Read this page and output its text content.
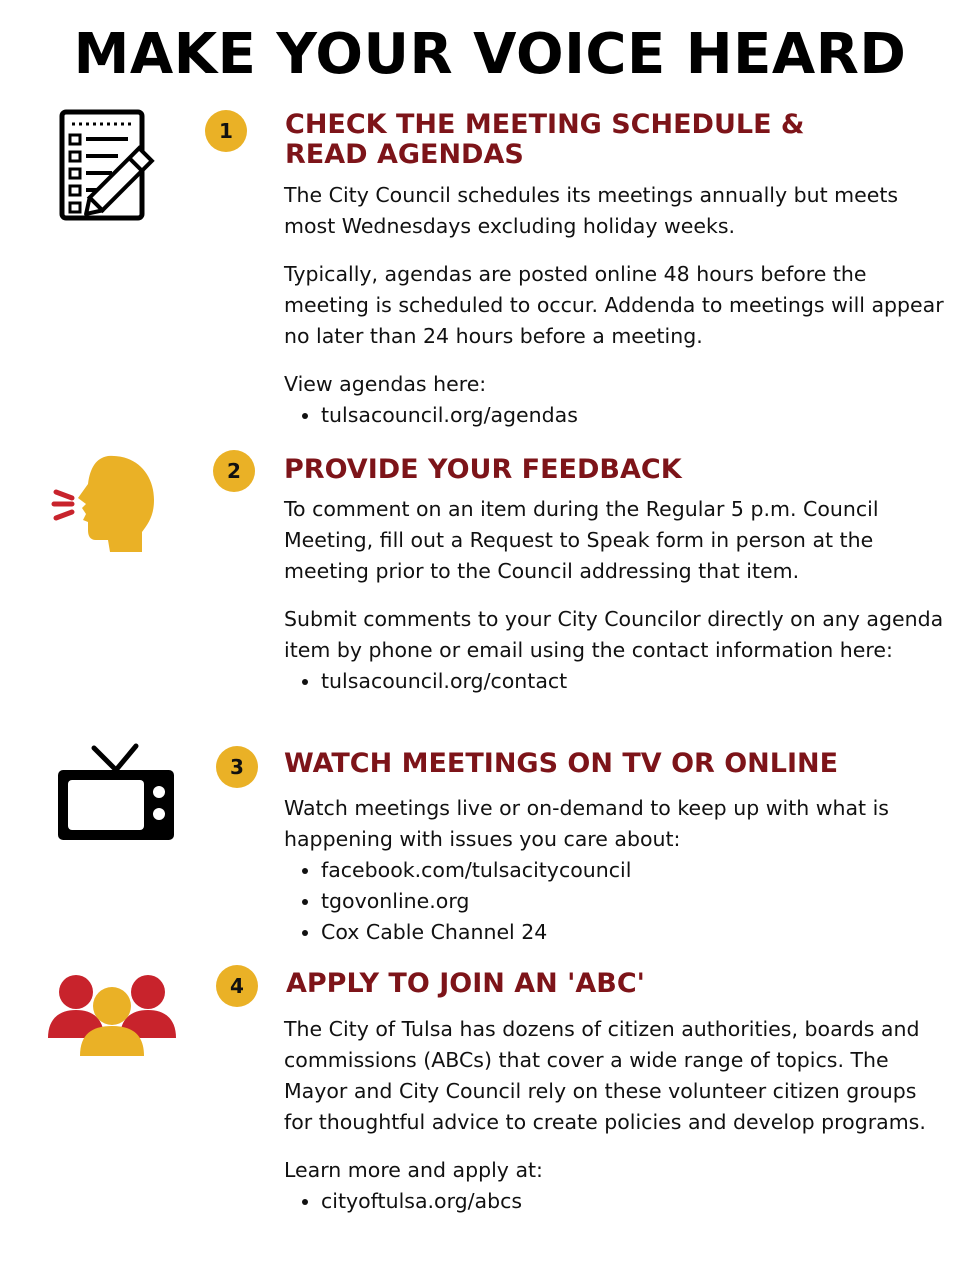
MAKE YOUR VOICE HEARD
1	CHECK THE MEETING SCHEDULE &
READ AGENDAS

The City Council schedules its meetings annually but meets most Wednesdays excluding holiday weeks.

Typically, agendas are posted online 48 hours before the meeting is scheduled to occur. Addenda to meetings will appear no later than 24 hours before a meeting.

View agendas here:

• tulsacouncil.org/agendas
2	PROVIDE YOUR FEEDBACK

To comment on an item during the Regular 5 p.m. Council Meeting, fill out a Request to Speak form in person at the meeting prior to the Council addressing that item.

Submit comments to your City Councilor directly on any agenda item by phone or email using the contact information here:

• tulsacouncil.org/contact
3	WATCH MEETINGS ON TV OR ONLINE

Watch meetings live or on-demand to keep up with what is happening with issues you care about:

• facebook.com/tulsacitycouncil
• tgovonline.org
• Cox Cable Channel 24
4	APPLY TO JOIN AN 'ABC'

The City of Tulsa has dozens of citizen authorities, boards and commissions (ABCs) that cover a wide range of topics. The Mayor and City Council rely on these volunteer citizen groups for thoughtful advice to create policies and develop programs.

Learn more and apply at:

• cityoftulsa.org/abcs
